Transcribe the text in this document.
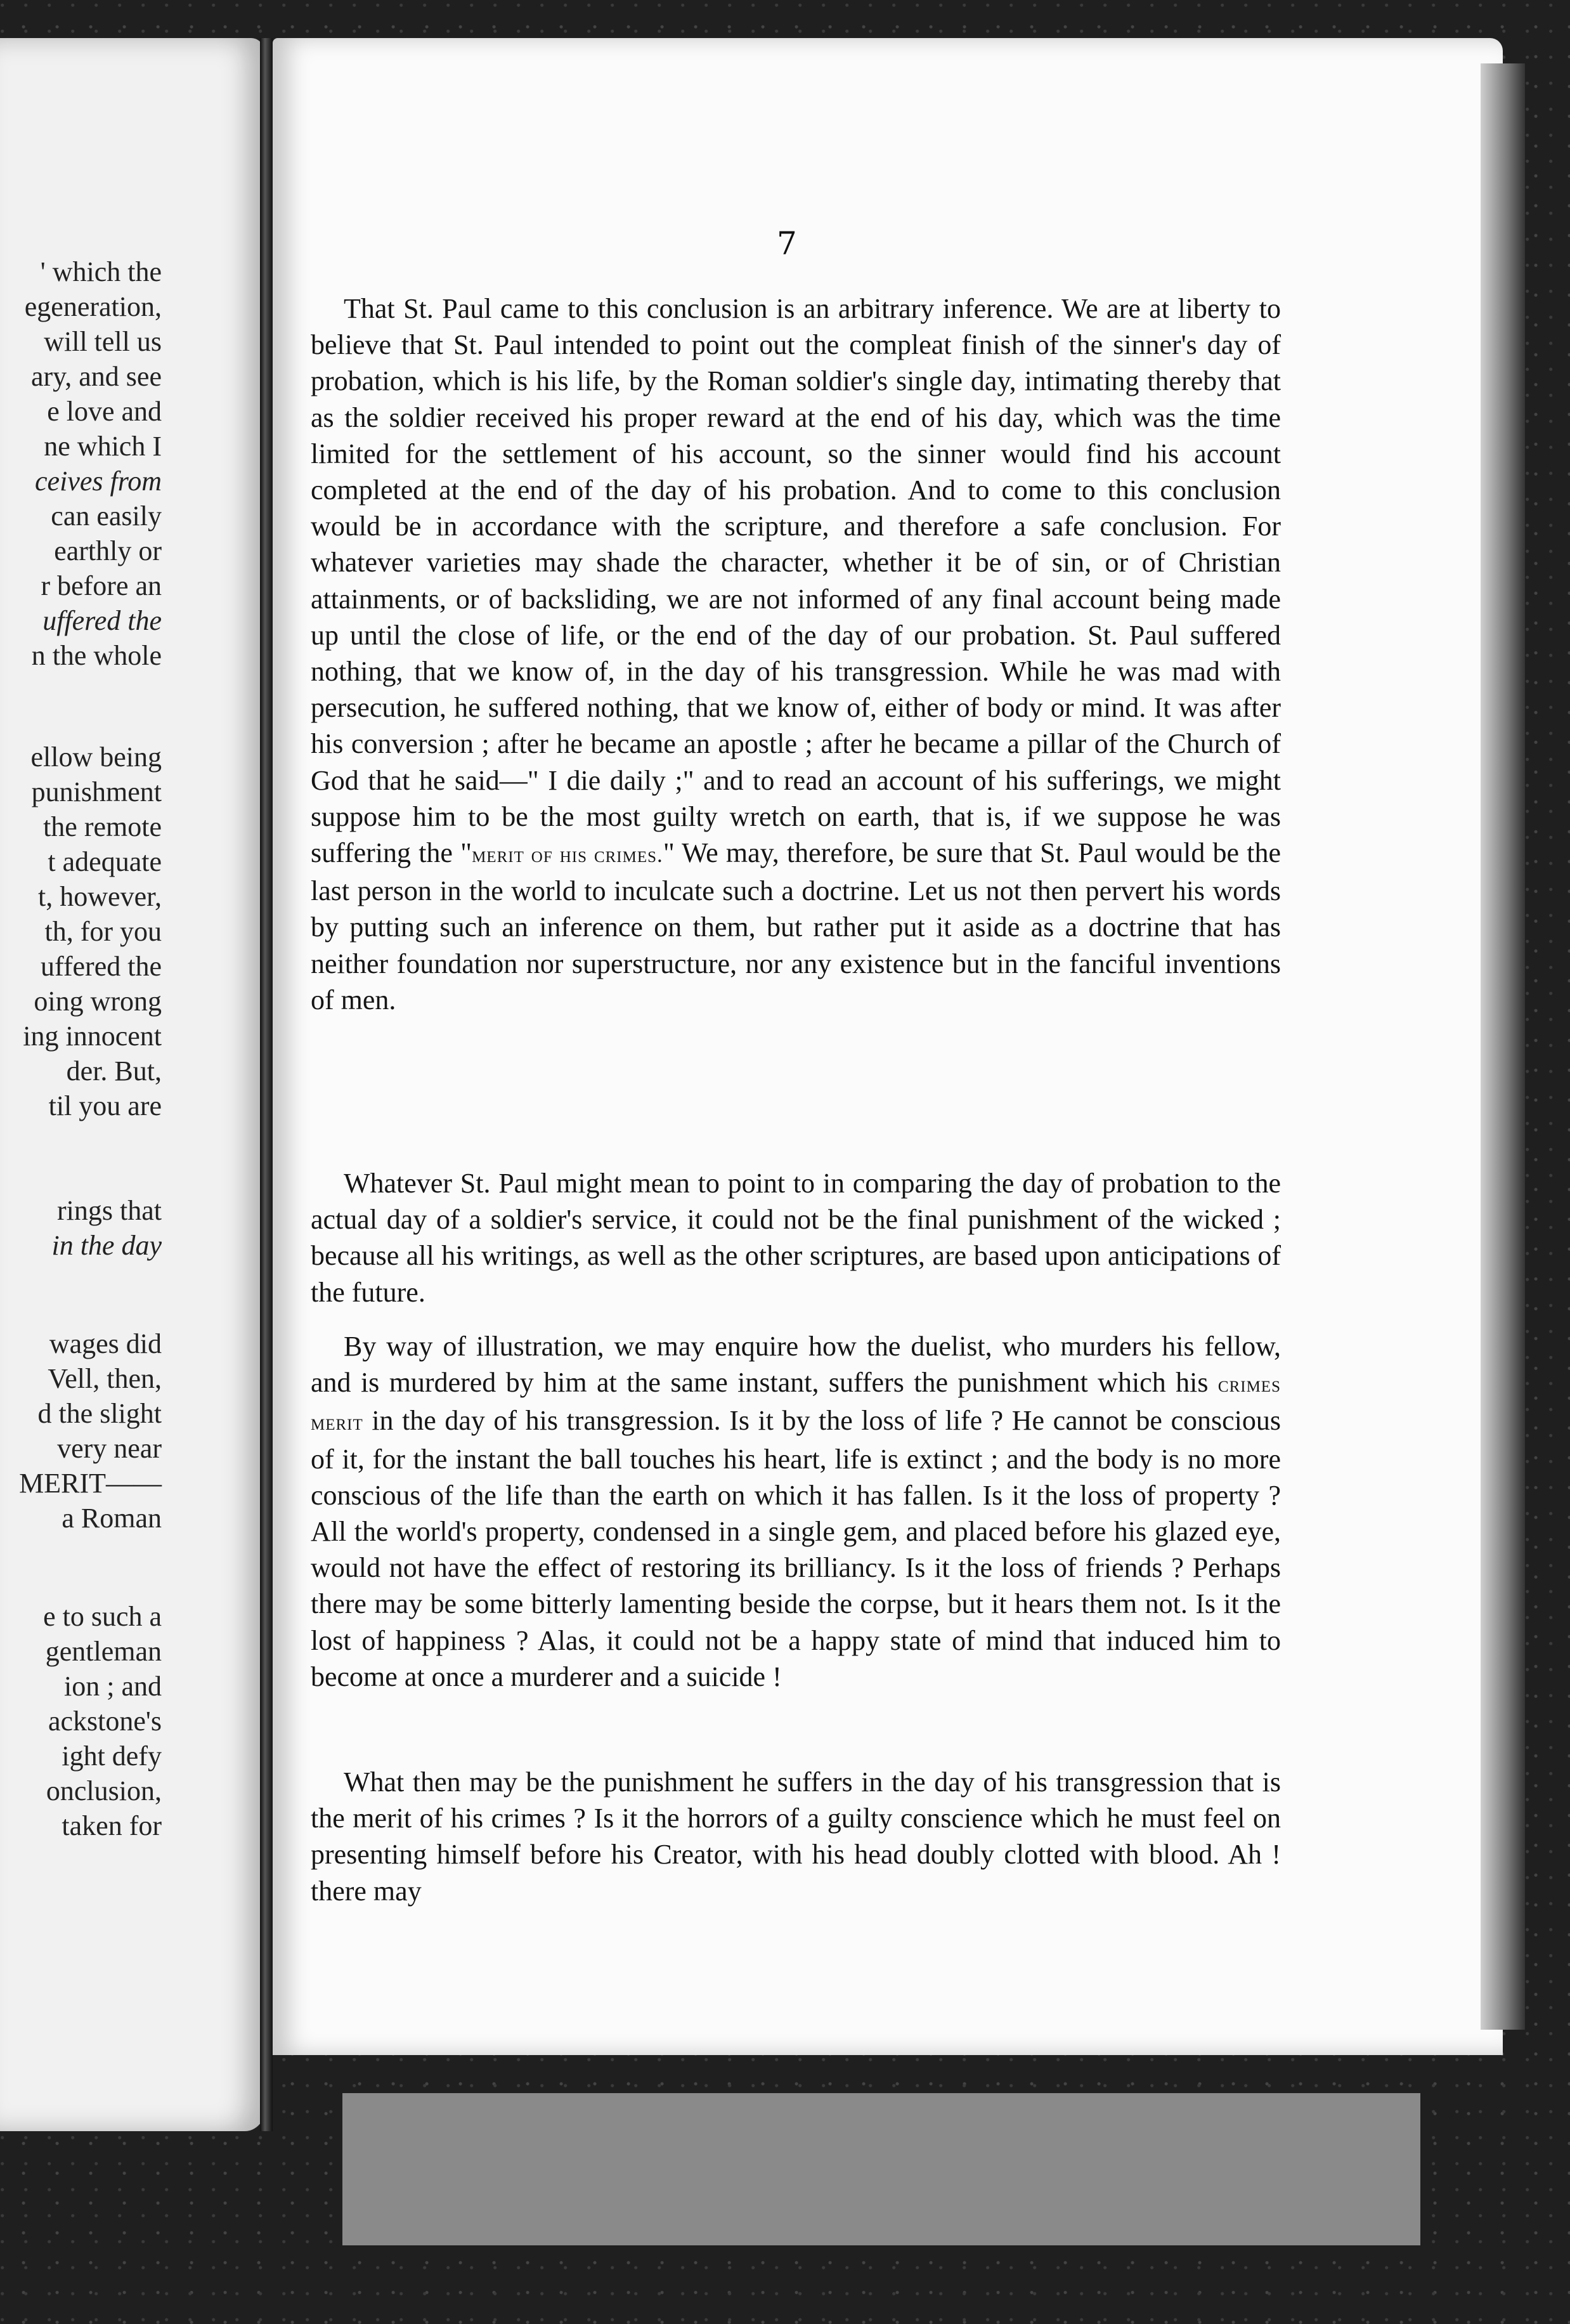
' which the
egeneration,
will tell us
ary, and see
e love and
ne which I
ceives from
can easily
earthly or
r before an
uffered the
n the whole
ellow being
punishment
the remote
t adequate
t, however,
th, for you
uffered the
oing wrong
ing innocent
der. But,
til you are
rings that
in the day
wages did
Vell, then,
d the slight
very near
MERIT——
a Roman
e to such a
gentleman
ion ; and
ackstone's
ight defy
onclusion,
taken for
7

That St. Paul came to this conclusion is an arbitrary inference. We are at liberty to believe that St. Paul intended to point out the compleat finish of the sinner's day of probation, which is his life, by the Roman soldier's single day, intimating thereby that as the soldier received his proper reward at the end of his day, which was the time limited for the settlement of his account, so the sinner would find his account completed at the end of the day of his probation. And to come to this conclusion would be in accordance with the scripture, and therefore a safe conclusion. For whatever varieties may shade the character, whether it be of sin, or of Christian attainments, or of backsliding, we are not informed of any final account being made up until the close of life, or the end of the day of our probation. St. Paul suffered nothing, that we know of, in the day of his transgression. While he was mad with persecution, he suffered nothing, that we know of, either of body or mind. It was after his conversion ; after he became an apostle ; after he became a pillar of the Church of God that he said—" I die daily ;" and to read an account of his sufferings, we might suppose him to be the most guilty wretch on earth, that is, if we suppose he was suffering the "merit of his crimes." We may, therefore, be sure that St. Paul would be the last person in the world to inculcate such a doctrine. Let us not then pervert his words by putting such an inference on them, but rather put it aside as a doctrine that has neither foundation nor superstructure, nor any existence but in the fanciful inventions of men.

Whatever St. Paul might mean to point to in comparing the day of probation to the actual day of a soldier's service, it could not be the final punishment of the wicked ; because all his writings, as well as the other scriptures, are based upon anticipations of the future.

By way of illustration, we may enquire how the duelist, who murders his fellow, and is murdered by him at the same instant, suffers the punishment which his crimes merit in the day of his transgression. Is it by the loss of life ? He cannot be conscious of it, for the instant the ball touches his heart, life is extinct ; and the body is no more conscious of the life than the earth on which it has fallen. Is it the loss of property ? All the world's property, condensed in a single gem, and placed before his glazed eye, would not have the effect of restoring its brilliancy. Is it the loss of friends ? Perhaps there may be some bitterly lamenting beside the corpse, but it hears them not. Is it the lost of happiness ? Alas, it could not be a happy state of mind that induced him to become at once a murderer and a suicide !

What then may be the punishment he suffers in the day of his transgression that is the merit of his crimes ? Is it the horrors of a guilty conscience which he must feel on presenting himself before his Creator, with his head doubly clotted with blood. Ah ! there may
